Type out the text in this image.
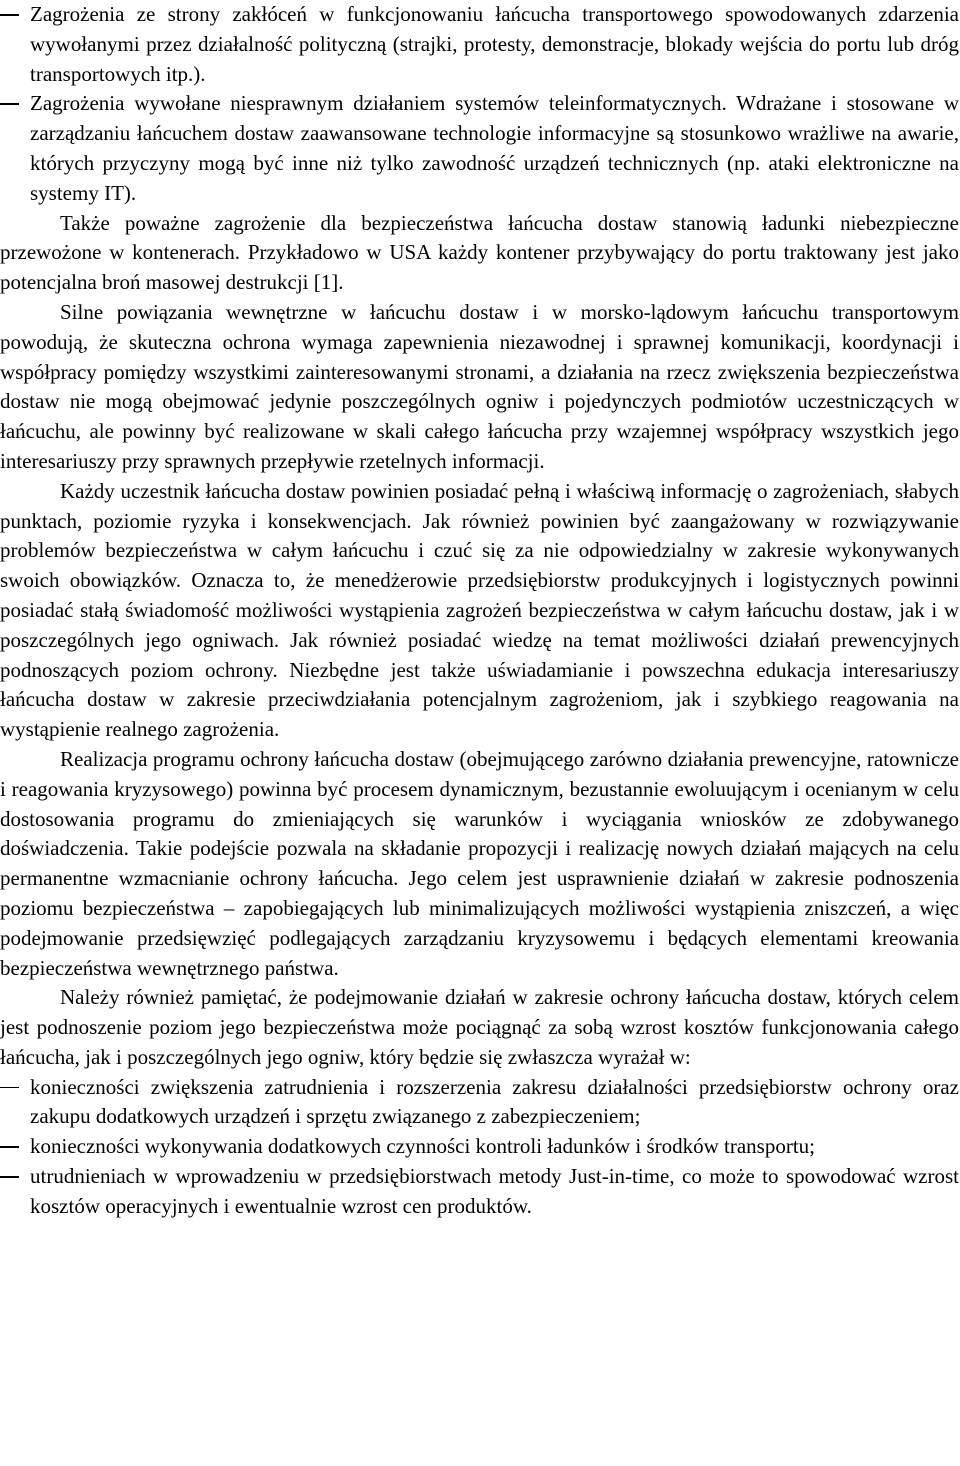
Zagrożenia ze strony zakłóceń w funkcjonowaniu łańcucha transportowego spowodowanych zdarzenia wywołanymi przez działalność polityczną (strajki, protesty, demonstracje, blokady wejścia do portu lub dróg transportowych itp.).

Zagrożenia wywołane niesprawnym działaniem systemów teleinformatycznych. Wdrażane i stosowane w zarządzaniu łańcuchem dostaw zaawansowane technologie informacyjne są stosunkowo wrażliwe na awarie, których przyczyny mogą być inne niż tylko zawodność urządzeń technicznych (np. ataki elektroniczne na systemy IT).

Także poważne zagrożenie dla bezpieczeństwa łańcucha dostaw stanowią ładunki niebezpieczne przewożone w kontenerach. Przykładowo w USA każdy kontener przybywający do portu traktowany jest jako potencjalna broń masowej destrukcji [1].

Silne powiązania wewnętrzne w łańcuchu dostaw i w morsko-lądowym łańcuchu transportowym powodują, że skuteczna ochrona wymaga zapewnienia niezawodnej i sprawnej komunikacji, koordynacji i współpracy pomiędzy wszystkimi zainteresowanymi stronami, a działania na rzecz zwiększenia bezpieczeństwa dostaw nie mogą obejmować jedynie poszczególnych ogniw i pojedynczych podmiotów uczestniczących w łańcuchu, ale powinny być realizowane w skali całego łańcucha przy wzajemnej współpracy wszystkich jego interesariuszy przy sprawnych przepływie rzetelnych informacji.

Każdy uczestnik łańcucha dostaw powinien posiadać pełną i właściwą informację o zagrożeniach, słabych punktach, poziomie ryzyka i konsekwencjach. Jak również powinien być zaangażowany w rozwiązywanie problemów bezpieczeństwa w całym łańcuchu i czuć się za nie odpowiedzialny w zakresie wykonywanych swoich obowiązków. Oznacza to, że menedżerowie przedsiębiorstw produkcyjnych i logistycznych powinni posiadać stałą świadomość możliwości wystąpienia zagrożeń bezpieczeństwa w całym łańcuchu dostaw, jak i w poszczególnych jego ogniwach. Jak również posiadać wiedzę na temat możliwości działań prewencyjnych podnoszących poziom ochrony. Niezbędne jest także uświadamianie i powszechna edukacja interesariuszy łańcucha dostaw w zakresie przeciwdziałania potencjalnym zagrożeniom, jak i szybkiego reagowania na wystąpienie realnego zagrożenia.

Realizacja programu ochrony łańcucha dostaw (obejmującego zarówno działania prewencyjne, ratownicze i reagowania kryzysowego) powinna być procesem dynamicznym, bezustannie ewoluującym i ocenianym w celu dostosowania programu do zmieniających się warunków i wyciągania wniosków ze zdobywanego doświadczenia. Takie podejście pozwala na składanie propozycji i realizację nowych działań mających na celu permanentne wzmacnianie ochrony łańcucha. Jego celem jest usprawnienie działań w zakresie podnoszenia poziomu bezpieczeństwa – zapobiegających lub minimalizujących możliwości wystąpienia zniszczeń, a więc podejmowanie przedsięwzięć podlegających zarządzaniu kryzysowemu i będących elementami kreowania bezpieczeństwa wewnętrznego państwa.

Należy również pamiętać, że podejmowanie działań w zakresie ochrony łańcucha dostaw, których celem jest podnoszenie poziom jego bezpieczeństwa może pociągnąć za sobą wzrost kosztów funkcjonowania całego łańcucha, jak i poszczególnych jego ogniw, który będzie się zwłaszcza wyrażał w:

konieczności zwiększenia zatrudnienia i rozszerzenia zakresu działalności przedsiębiorstw ochrony oraz zakupu dodatkowych urządzeń i sprzętu związanego z zabezpieczeniem;

konieczności wykonywania dodatkowych czynności kontroli ładunków i środków transportu;

utrudnieniach w wprowadzeniu w przedsiębiorstwach metody Just-in-time, co może to spowodować wzrost kosztów operacyjnych i ewentualnie wzrost cen produktów.
